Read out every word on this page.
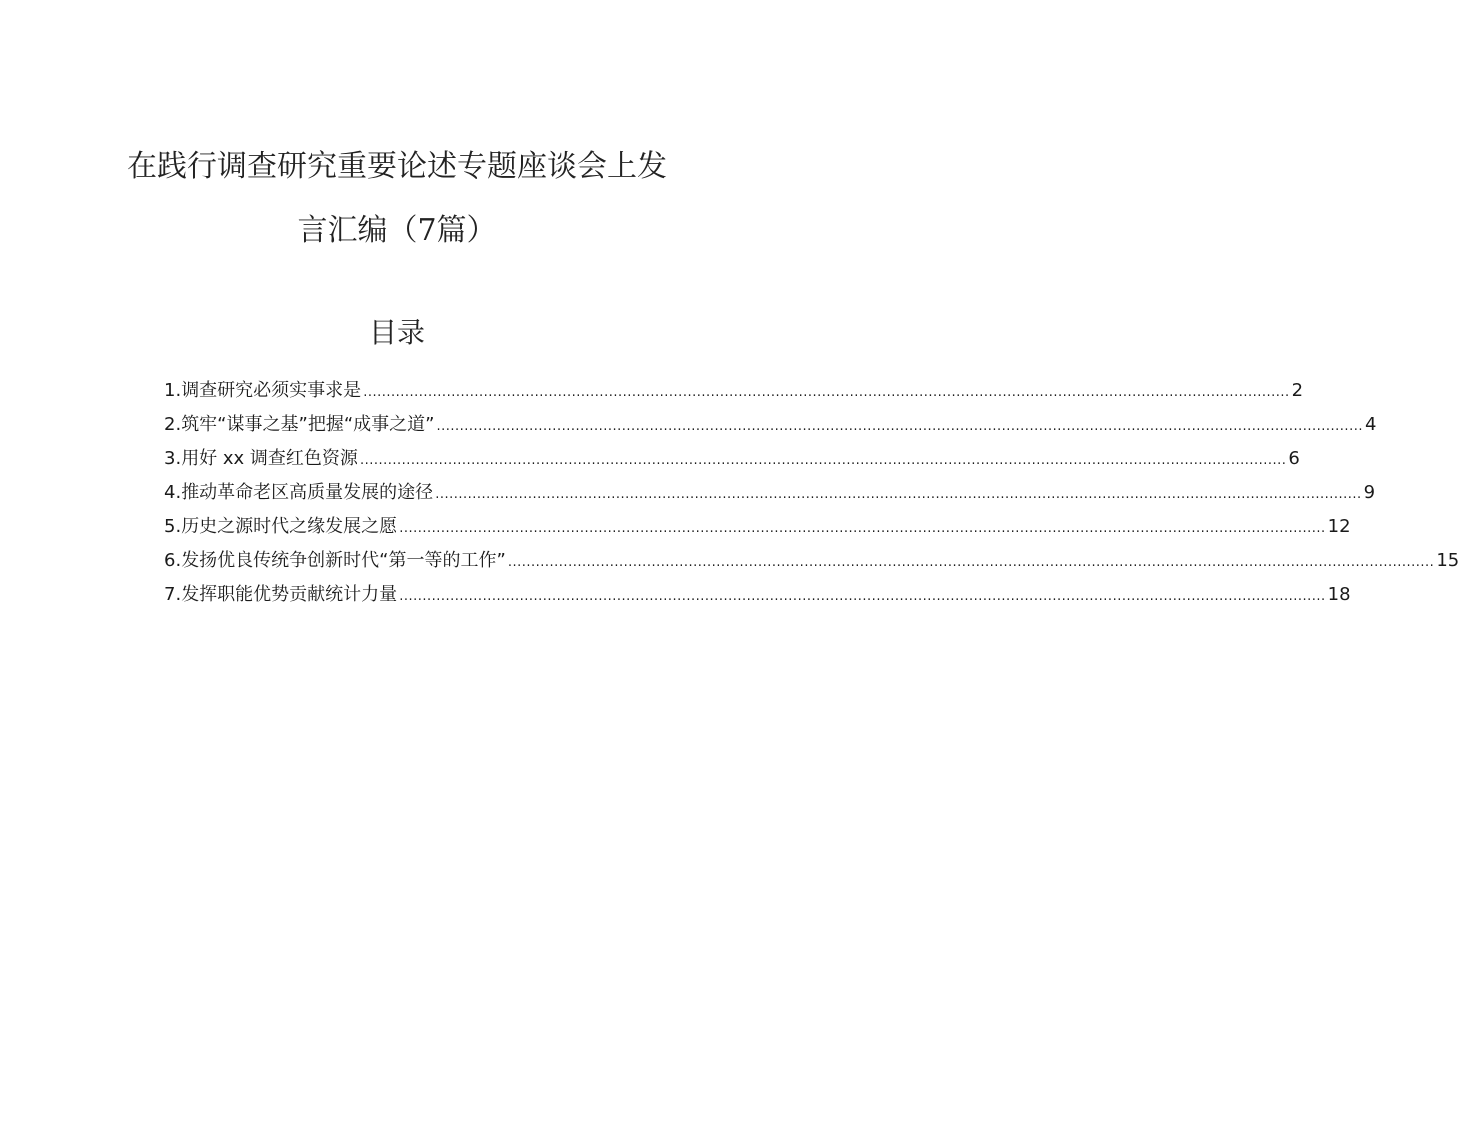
在践行调查研究重要论述专题座谈会上发
言汇编（7篇）
目录
1. 调查研究必须实事求是 .....	2
2. 筑牢“谋事之基”把握“成事之道” .....	4
3. 用好 xx 调查红色资源 .....	6
4. 推动革命老区高质量发展的途径 .....	9
5. 历史之源时代之缘发展之愿 .....	12
6. 发扬优良传统争创新时代“第一等的工作” .....	15
7. 发挥职能优势贡献统计力量 .....	18
